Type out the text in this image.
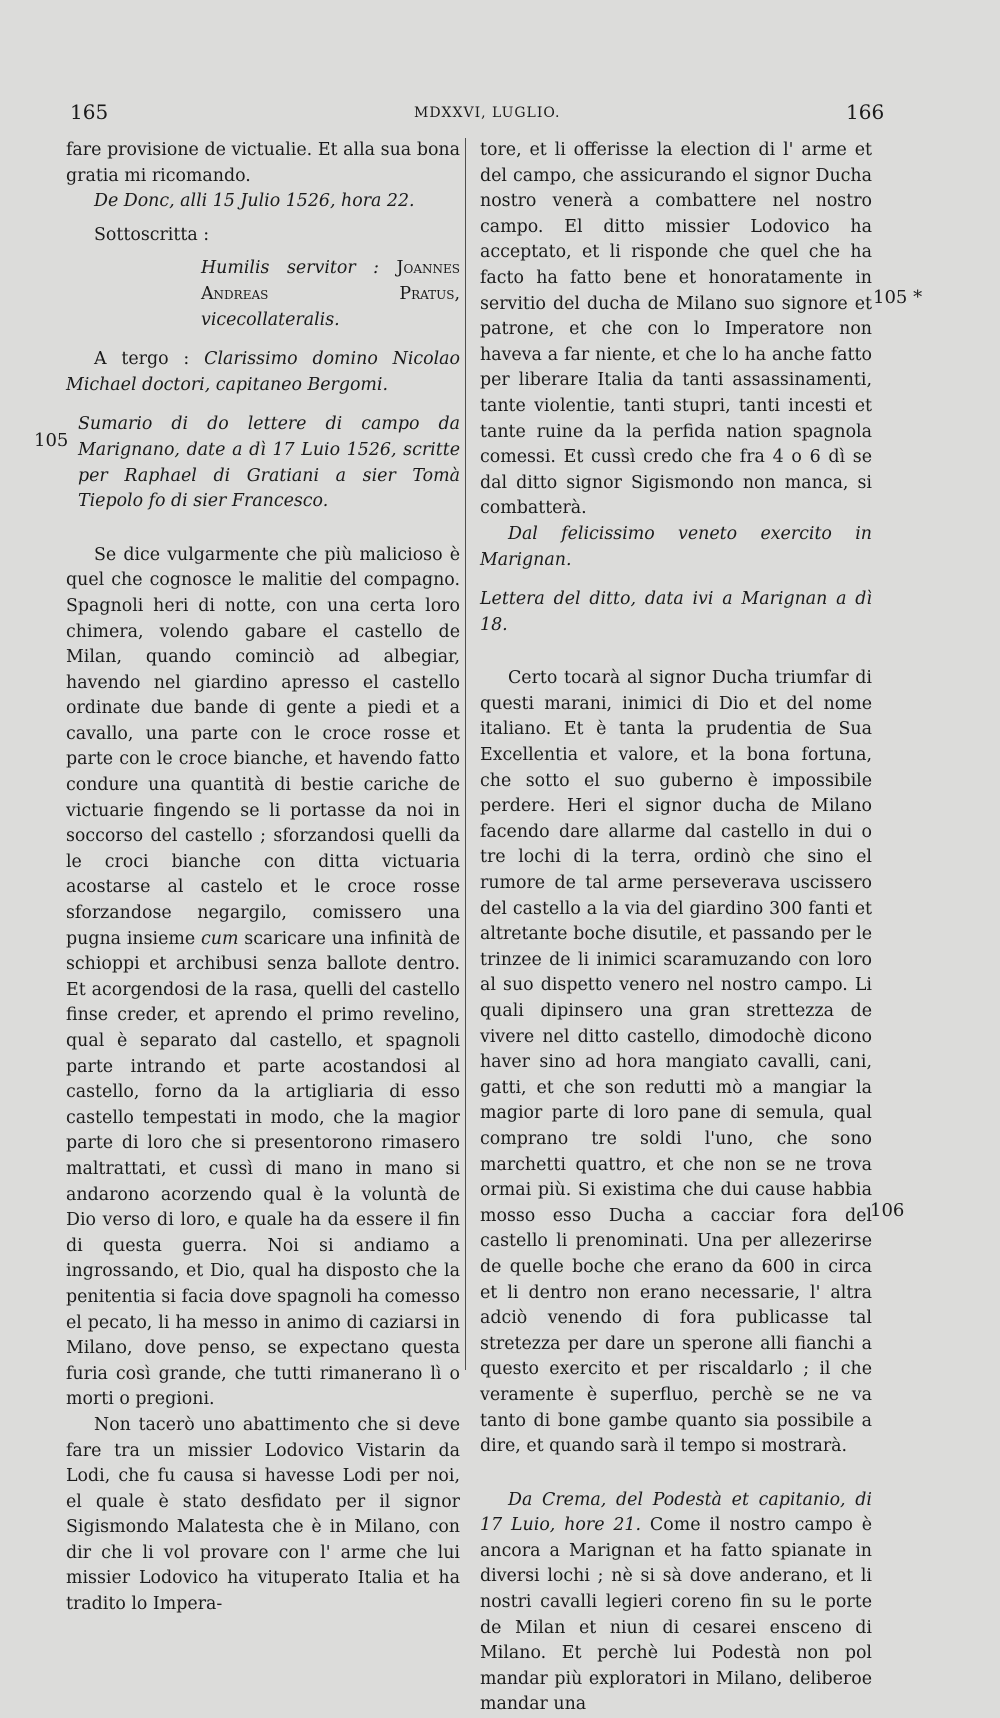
165	MDXXVI, LUGLIO.	166
105
105 *
106

fare provisione de victualie. Et alla sua bona gratia mi ricomando.

De Donc, alli 15 Julio 1526, hora 22.

Sottoscritta :

Humilis servitor : Joannes Andreas Pratus, vicecollateralis.

A tergo : Clarissimo domino Nicolao Michael doctori, capitaneo Bergomi.

Sumario di do lettere di campo da Marignano, date a dì 17 Luio 1526, scritte per Raphael di Gratiani a sier Tomà Tiepolo fo di sier Francesco.

Se dice vulgarmente che più malicioso è quel che cognosce le malitie del compagno. Spagnoli heri di notte, con una certa loro chimera, volendo gabare el castello de Milan, quando cominciò ad albegiar, havendo nel giardino apresso el castello ordinate due bande di gente a piedi et a cavallo, una parte con le croce rosse et parte con le croce bianche, et havendo fatto condure una quantità di bestie cariche de victuarie fingendo se li portasse da noi in soccorso del castello ; sforzandosi quelli da le croci bianche con ditta victuaria acostarse al castelo et le croce rosse sforzandose negargilo, comissero una pugna insieme cum scaricare una infinità de schioppi et archibusi senza ballote dentro. Et acorgendosi de la rasa, quelli del castello finse creder, et aprendo el primo revelino, qual è separato dal castello, et spagnoli parte intrando et parte acostandosi al castello, forno da la artigliaria di esso castello tempestati in modo, che la magior parte di loro che si presentorono rimasero maltrattati, et cussì di mano in mano si andarono acorzendo qual è la voluntà de Dio verso di loro, e quale ha da essere il fin di questa guerra. Noi si andiamo a ingrossando, et Dio, qual ha disposto che la penitentia si facia dove spagnoli ha comesso el pecato, li ha messo in animo di caziarsi in Milano, dove penso, se expectano questa furia così grande, che tutti rimanerano lì o morti o pregioni.

Non tacerò uno abattimento che si deve fare tra un missier Lodovico Vistarin da Lodi, che fu causa si havesse Lodi per noi, el quale è stato desfidato per il signor Sigismondo Malatesta che è in Milano, con dir che li vol provare con l' arme che lui missier Lodovico ha vituperato Italia et ha tradito lo Impera-

tore, et li offerisse la election di l' arme et del campo, che assicurando el signor Ducha nostro venerà a combattere nel nostro campo. El ditto missier Lodovico ha acceptato, et li risponde che quel che ha facto ha fatto bene et honoratamente in servitio del ducha de Milano suo signore et patrone, et che con lo Imperatore non haveva a far niente, et che lo ha anche fatto per liberare Italia da tanti assassinamenti, tante violentie, tanti stupri, tanti incesti et tante ruine da la perfida nation spagnola comessi. Et cussì credo che fra 4 o 6 dì se dal ditto signor Sigismondo non manca, si combatterà.

Dal felicissimo veneto exercito in Marignan.

Lettera del ditto, data ivi a Marignan a dì 18.

Certo tocarà al signor Ducha triumfar di questi marani, inimici di Dio et del nome italiano. Et è tanta la prudentia de Sua Excellentia et valore, et la bona fortuna, che sotto el suo guberno è impossibile perdere. Heri el signor ducha de Milano facendo dare allarme dal castello in dui o tre lochi di la terra, ordinò che sino el rumore de tal arme perseverava uscissero del castello a la via del giardino 300 fanti et altretante boche disutile, et passando per le trinzee de li inimici scaramuzando con loro al suo dispetto venero nel nostro campo. Li quali dipinsero una gran strettezza de vivere nel ditto castello, dimodochè dicono haver sino ad hora mangiato cavalli, cani, gatti, et che son redutti mò a mangiar la magior parte di loro pane di semula, qual comprano tre soldi l'uno, che sono marchetti quattro, et che non se ne trova ormai più. Si existima che dui cause habbia mosso esso Ducha a cacciar fora del castello li prenominati. Una per allezerirse de quelle boche che erano da 600 in circa et li dentro non erano necessarie, l' altra adciò venendo di fora publicasse tal stretezza per dare un sperone alli fianchi a questo exercito et per riscaldarlo ; il che veramente è superfluo, perchè se ne va tanto di bone gambe quanto sia possibile a dire, et quando sarà il tempo si mostrarà.

Da Crema, del Podestà et capitanio, di 17 Luio, hore 21. Come il nostro campo è ancora a Marignan et ha fatto spianate in diversi lochi ; nè si sà dove anderano, et li nostri cavalli legieri coreno fin su le porte de Milan et niun di cesarei ensceno di Milano. Et perchè lui Podestà non pol mandar più exploratori in Milano, deliberoe mandar una
